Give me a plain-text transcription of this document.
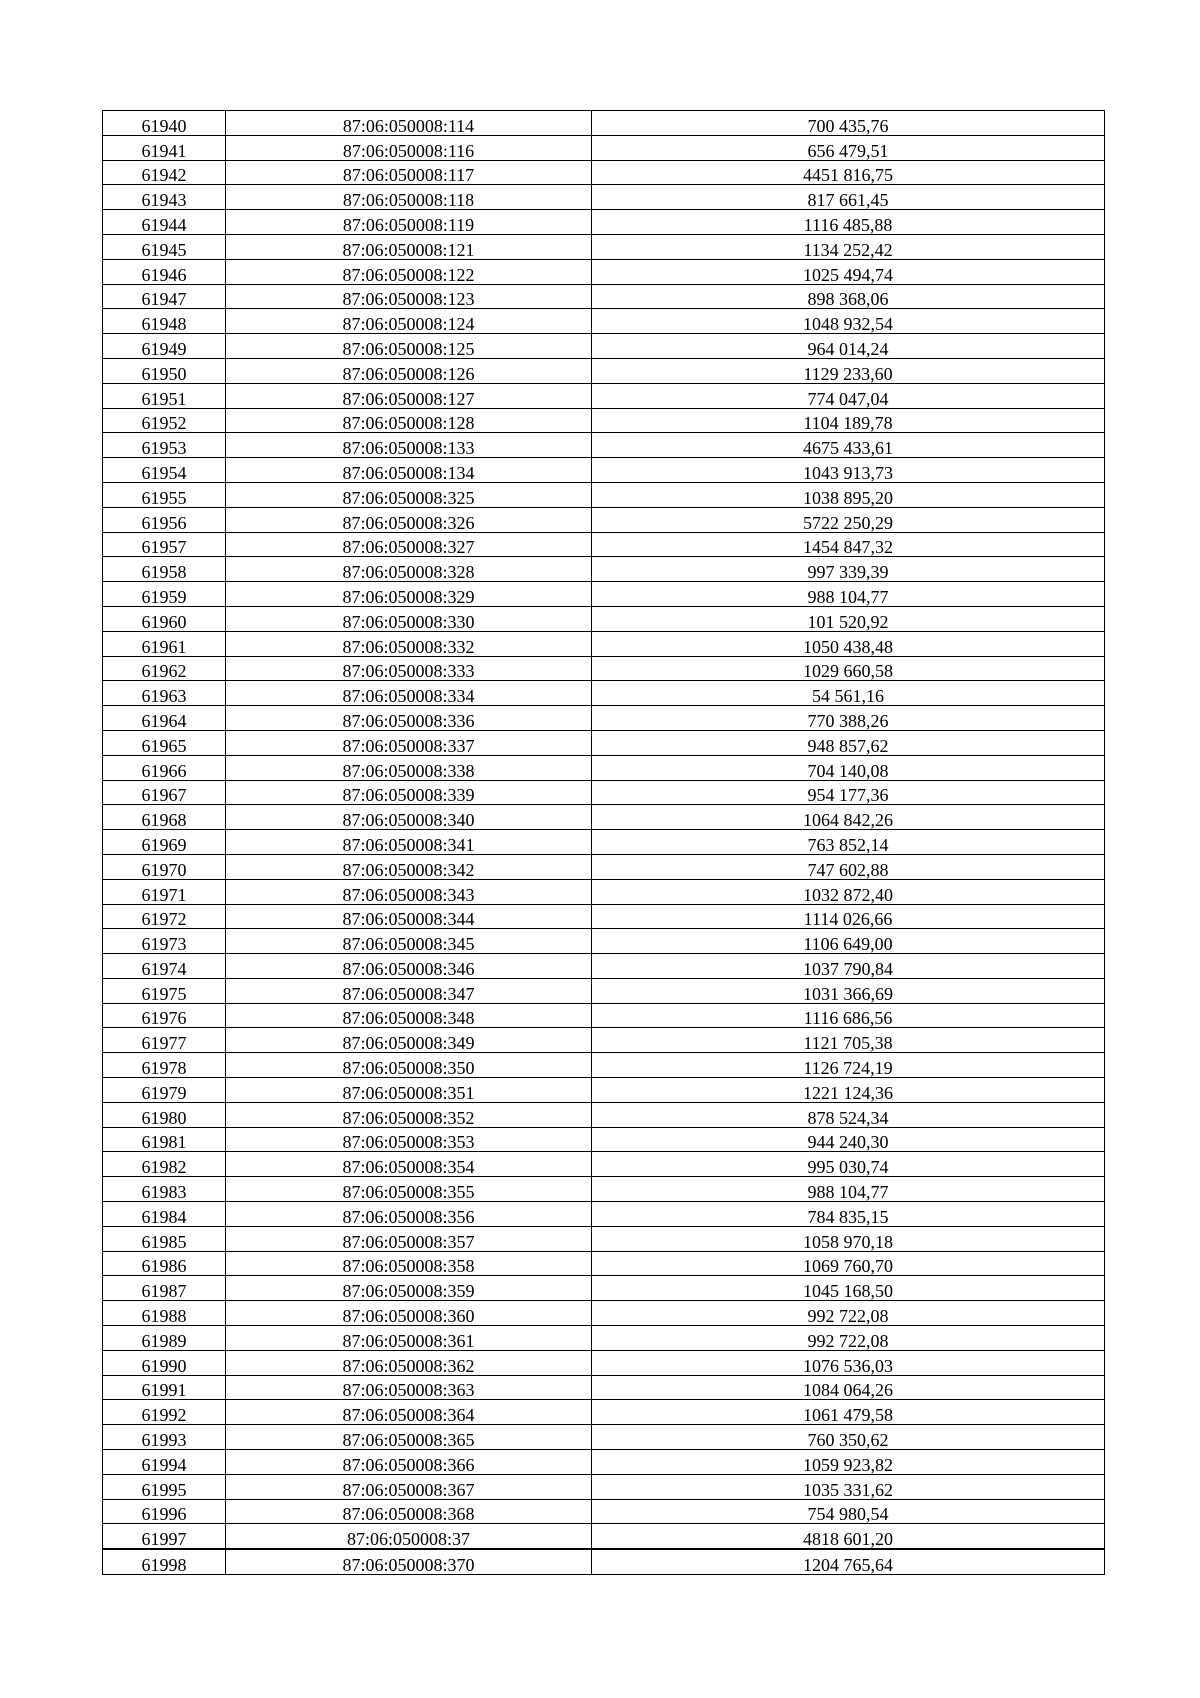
61940	87:06:050008:114	700 435,76
61941	87:06:050008:116	656 479,51
61942	87:06:050008:117	4451 816,75
61943	87:06:050008:118	817 661,45
61944	87:06:050008:119	1116 485,88
61945	87:06:050008:121	1134 252,42
61946	87:06:050008:122	1025 494,74
61947	87:06:050008:123	898 368,06
61948	87:06:050008:124	1048 932,54
61949	87:06:050008:125	964 014,24
61950	87:06:050008:126	1129 233,60
61951	87:06:050008:127	774 047,04
61952	87:06:050008:128	1104 189,78
61953	87:06:050008:133	4675 433,61
61954	87:06:050008:134	1043 913,73
61955	87:06:050008:325	1038 895,20
61956	87:06:050008:326	5722 250,29
61957	87:06:050008:327	1454 847,32
61958	87:06:050008:328	997 339,39
61959	87:06:050008:329	988 104,77
61960	87:06:050008:330	101 520,92
61961	87:06:050008:332	1050 438,48
61962	87:06:050008:333	1029 660,58
61963	87:06:050008:334	54 561,16
61964	87:06:050008:336	770 388,26
61965	87:06:050008:337	948 857,62
61966	87:06:050008:338	704 140,08
61967	87:06:050008:339	954 177,36
61968	87:06:050008:340	1064 842,26
61969	87:06:050008:341	763 852,14
61970	87:06:050008:342	747 602,88
61971	87:06:050008:343	1032 872,40
61972	87:06:050008:344	1114 026,66
61973	87:06:050008:345	1106 649,00
61974	87:06:050008:346	1037 790,84
61975	87:06:050008:347	1031 366,69
61976	87:06:050008:348	1116 686,56
61977	87:06:050008:349	1121 705,38
61978	87:06:050008:350	1126 724,19
61979	87:06:050008:351	1221 124,36
61980	87:06:050008:352	878 524,34
61981	87:06:050008:353	944 240,30
61982	87:06:050008:354	995 030,74
61983	87:06:050008:355	988 104,77
61984	87:06:050008:356	784 835,15
61985	87:06:050008:357	1058 970,18
61986	87:06:050008:358	1069 760,70
61987	87:06:050008:359	1045 168,50
61988	87:06:050008:360	992 722,08
61989	87:06:050008:361	992 722,08
61990	87:06:050008:362	1076 536,03
61991	87:06:050008:363	1084 064,26
61992	87:06:050008:364	1061 479,58
61993	87:06:050008:365	760 350,62
61994	87:06:050008:366	1059 923,82
61995	87:06:050008:367	1035 331,62
61996	87:06:050008:368	754 980,54
61997	87:06:050008:37	4818 601,20
61998	87:06:050008:370	1204 765,64
